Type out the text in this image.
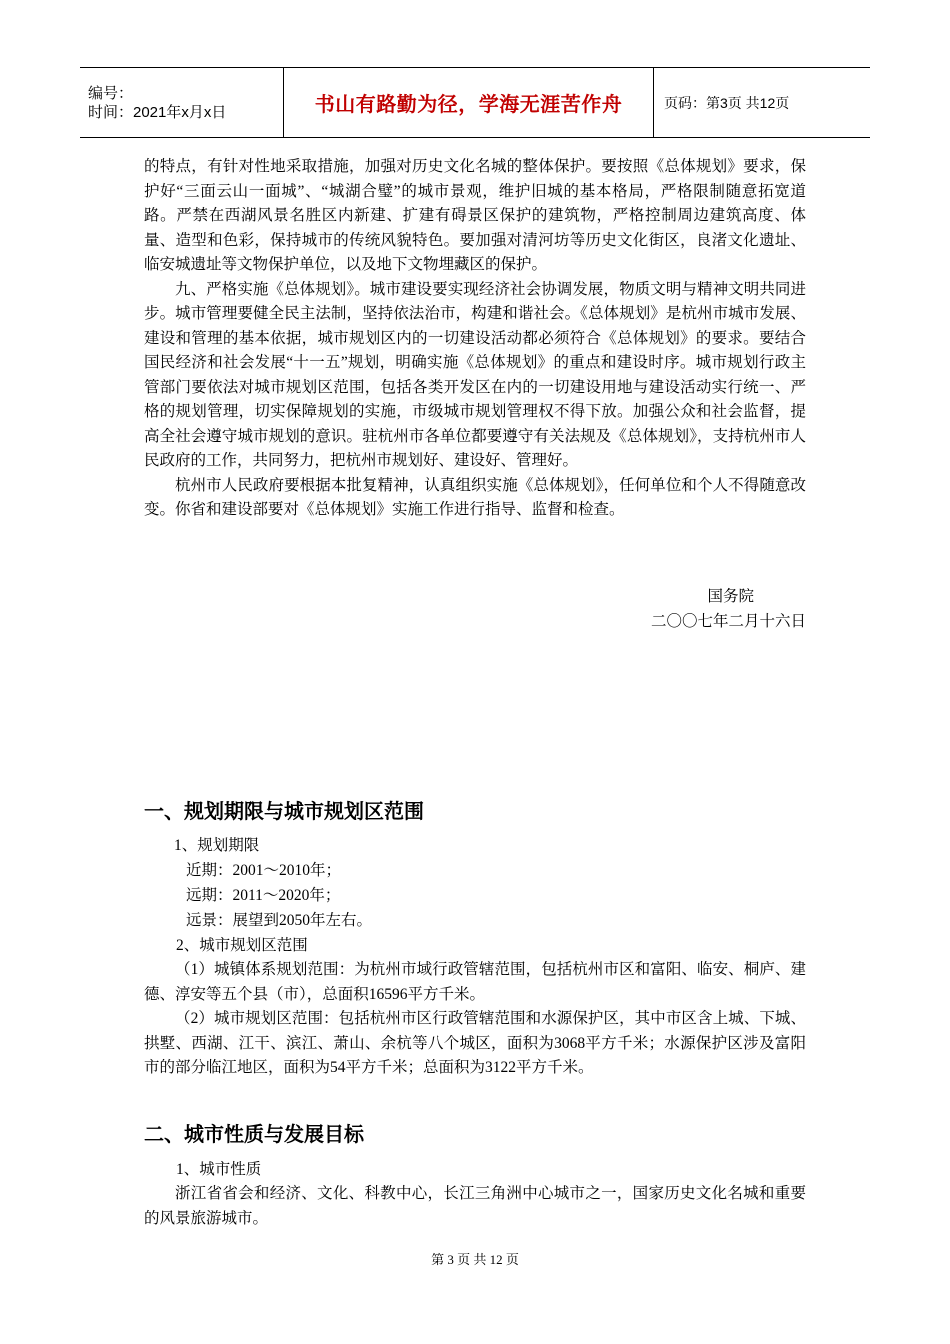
编号：
时间：2021年x月x日	书山有路勤为径，学海无涯苦作舟	页码：第3页 共12页

的特点，有针对性地采取措施，加强对历史文化名城的整体保护。要按照《总体规划》要求，保护好“三面云山一面城”、“城湖合璧”的城市景观，维护旧城的基本格局，严格限制随意拓宽道路。严禁在西湖风景名胜区内新建、扩建有碍景区保护的建筑物，严格控制周边建筑高度、体量、造型和色彩，保持城市的传统风貌特色。要加强对清河坊等历史文化街区，良渚文化遗址、临安城遗址等文物保护单位，以及地下文物埋藏区的保护。

九、严格实施《总体规划》。城市建设要实现经济社会协调发展，物质文明与精神文明共同进步。城市管理要健全民主法制，坚持依法治市，构建和谐社会。《总体规划》是杭州市城市发展、建设和管理的基本依据，城市规划区内的一切建设活动都必须符合《总体规划》的要求。要结合国民经济和社会发展“十一五”规划，明确实施《总体规划》的重点和建设时序。城市规划行政主管部门要依法对城市规划区范围，包括各类开发区在内的一切建设用地与建设活动实行统一、严格的规划管理，切实保障规划的实施，市级城市规划管理权不得下放。加强公众和社会监督，提高全社会遵守城市规划的意识。驻杭州市各单位都要遵守有关法规及《总体规划》，支持杭州市人民政府的工作，共同努力，把杭州市规划好、建设好、管理好。

杭州市人民政府要根据本批复精神，认真组织实施《总体规划》，任何单位和个人不得随意改变。你省和建设部要对《总体规划》实施工作进行指导、监督和检查。

国务院
二〇〇七年二月十六日
一、规划期限与城市规划区范围
1、规划期限
近期：2001～2010年；
远期：2011～2020年；
远景：展望到2050年左右。
2、城市规划区范围

（1）城镇体系规划范围：为杭州市域行政管辖范围，包括杭州市区和富阳、临安、桐庐、建德、淳安等五个县（市），总面积16596平方千米。

（2）城市规划区范围：包括杭州市区行政管辖范围和水源保护区，其中市区含上城、下城、拱墅、西湖、江干、滨江、萧山、余杭等八个城区，面积为3068平方千米；水源保护区涉及富阳市的部分临江地区，面积为54平方千米；总面积为3122平方千米。

二、城市性质与发展目标
1、城市性质

浙江省省会和经济、文化、科教中心，长江三角洲中心城市之一，国家历史文化名城和重要的风景旅游城市。

第 3 页 共 12 页
